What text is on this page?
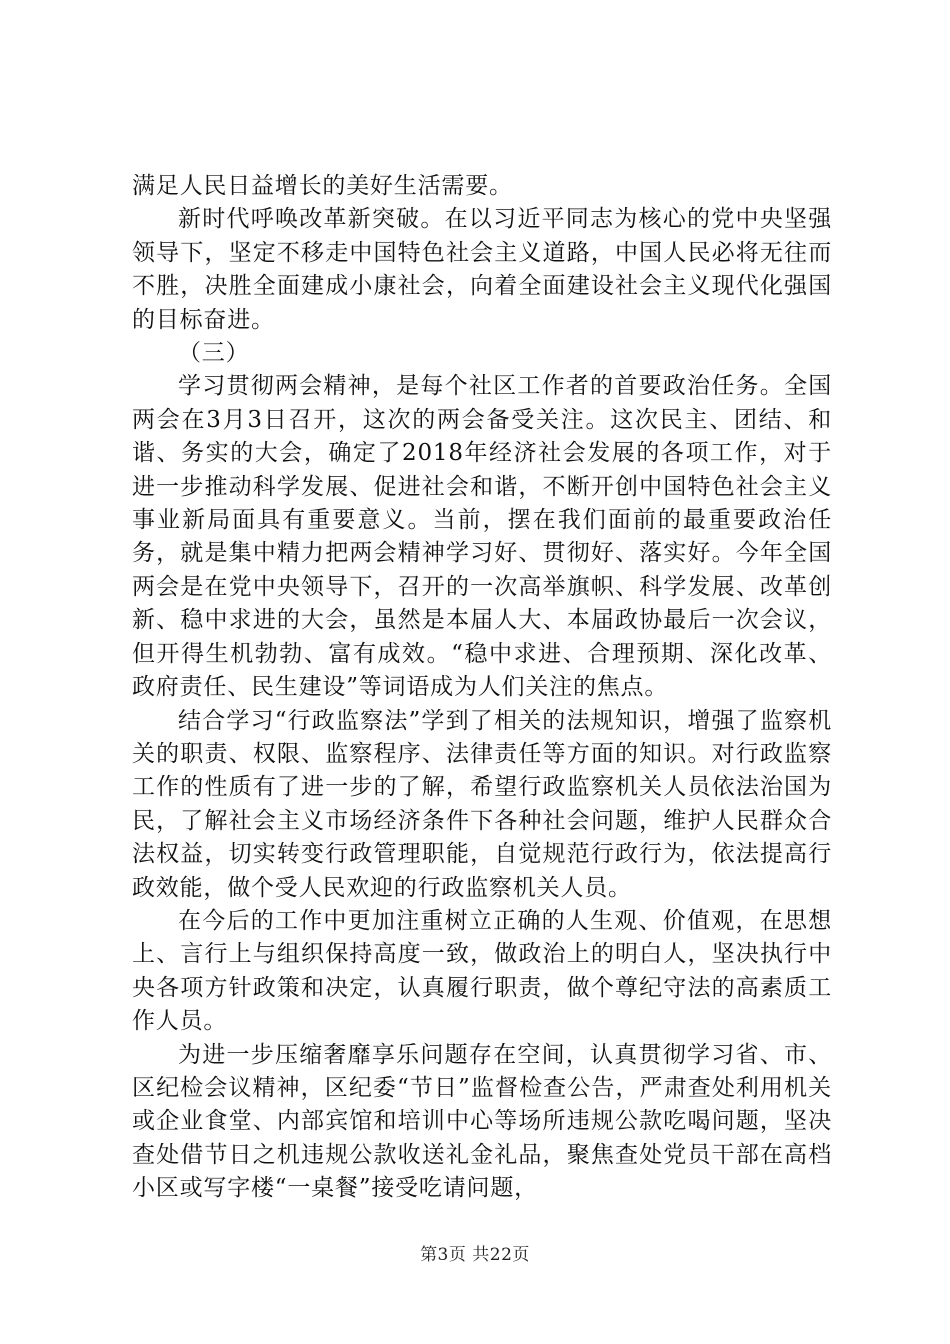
满足人民日益增长的美好生活需要。

新时代呼唤改革新突破。在以习近平同志为核心的党中央坚强领导下，坚定不移走中国特色社会主义道路，中国人民必将无往而不胜，决胜全面建成小康社会，向着全面建设社会主义现代化强国的目标奋进。

（三）

学习贯彻两会精神，是每个社区工作者的首要政治任务。全国两会在3月3日召开，这次的两会备受关注。这次民主、团结、和谐、务实的大会，确定了2018年经济社会发展的各项工作，对于进一步推动科学发展、促进社会和谐，不断开创中国特色社会主义事业新局面具有重要意义。当前，摆在我们面前的最重要政治任务，就是集中精力把两会精神学习好、贯彻好、落实好。今年全国两会是在党中央领导下，召开的一次高举旗帜、科学发展、改革创新、稳中求进的大会，虽然是本届人大、本届政协最后一次会议，但开得生机勃勃、富有成效。“稳中求进、合理预期、深化改革、政府责任、民生建设”等词语成为人们关注的焦点。

结合学习“行政监察法”学到了相关的法规知识，增强了监察机关的职责、权限、监察程序、法律责任等方面的知识。对行政监察工作的性质有了进一步的了解，希望行政监察机关人员依法治国为民，了解社会主义市场经济条件下各种社会问题，维护人民群众合法权益，切实转变行政管理职能，自觉规范行政行为，依法提高行政效能，做个受人民欢迎的行政监察机关人员。

在今后的工作中更加注重树立正确的人生观、价值观，在思想上、言行上与组织保持高度一致，做政治上的明白人，坚决执行中央各项方针政策和决定，认真履行职责，做个尊纪守法的高素质工作人员。

为进一步压缩奢靡享乐问题存在空间，认真贯彻学习省、市、区纪检会议精神，区纪委“节日”监督检查公告，严肃查处利用机关或企业食堂、内部宾馆和培训中心等场所违规公款吃喝问题，坚决查处借节日之机违规公款收送礼金礼品，聚焦查处党员干部在高档小区或写字楼“一桌餐”接受吃请问题，

第3页 共22页
